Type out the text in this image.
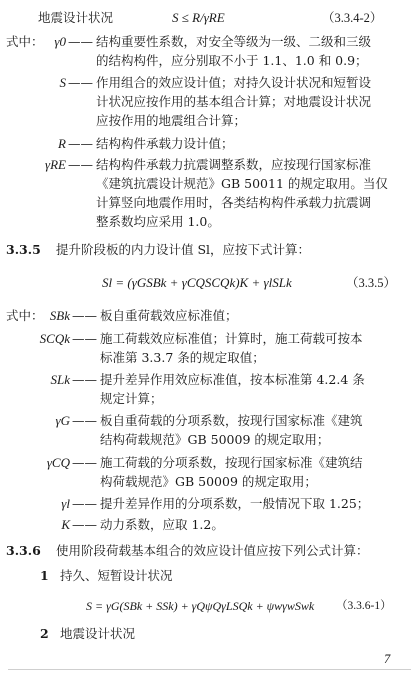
地震设计状况	S ≤ R/γRE	（3.3.4-2）
式中： γ0 —— 结构重要性系数，对安全等级为一级、二级和三级
的结构构件，应分别取不小于 1.1、1.0 和 0.9；
S —— 作用组合的效应设计值；对持久设计状况和短暂设
计状况应按作用的基本组合计算；对地震设计状况
应按作用的地震组合计算；
R —— 结构构件承载力设计值；
γRE —— 结构构件承载力抗震调整系数，应按现行国家标准
《建筑抗震设计规范》GB 50011 的规定取用。当仅
计算竖向地震作用时，各类结构构件承载力抗震调
整系数均应采用 1.0。
3.3.5 提升阶段板的内力设计值 Sl，应按下式计算：
Sl = (γGSBk + γCQSCQk)K + γlSLk	（3.3.5）
式中： SBk —— 板自重荷载效应标准值；
SCQk —— 施工荷载效应标准值；计算时，施工荷载可按本
标准第 3.3.7 条的规定取值；
SLk —— 提升差异作用效应标准值，按本标准第 4.2.4 条
规定计算；
γG —— 板自重荷载的分项系数，按现行国家标准《建筑
结构荷载规范》GB 50009 的规定取用；
γCQ —— 施工荷载的分项系数，按现行国家标准《建筑结
构荷载规范》GB 50009 的规定取用；
γl —— 提升差异作用的分项系数，一般情况下取 1.25；
K —— 动力系数，应取 1.2。
3.3.6 使用阶段荷载基本组合的效应设计值应按下列公式计算：
1 持久、短暂设计状况
S = γG(SBk + SSk) + γQψQγLSQk + ψwγwSwk （3.3.6-1）
2 地震设计状况
7
